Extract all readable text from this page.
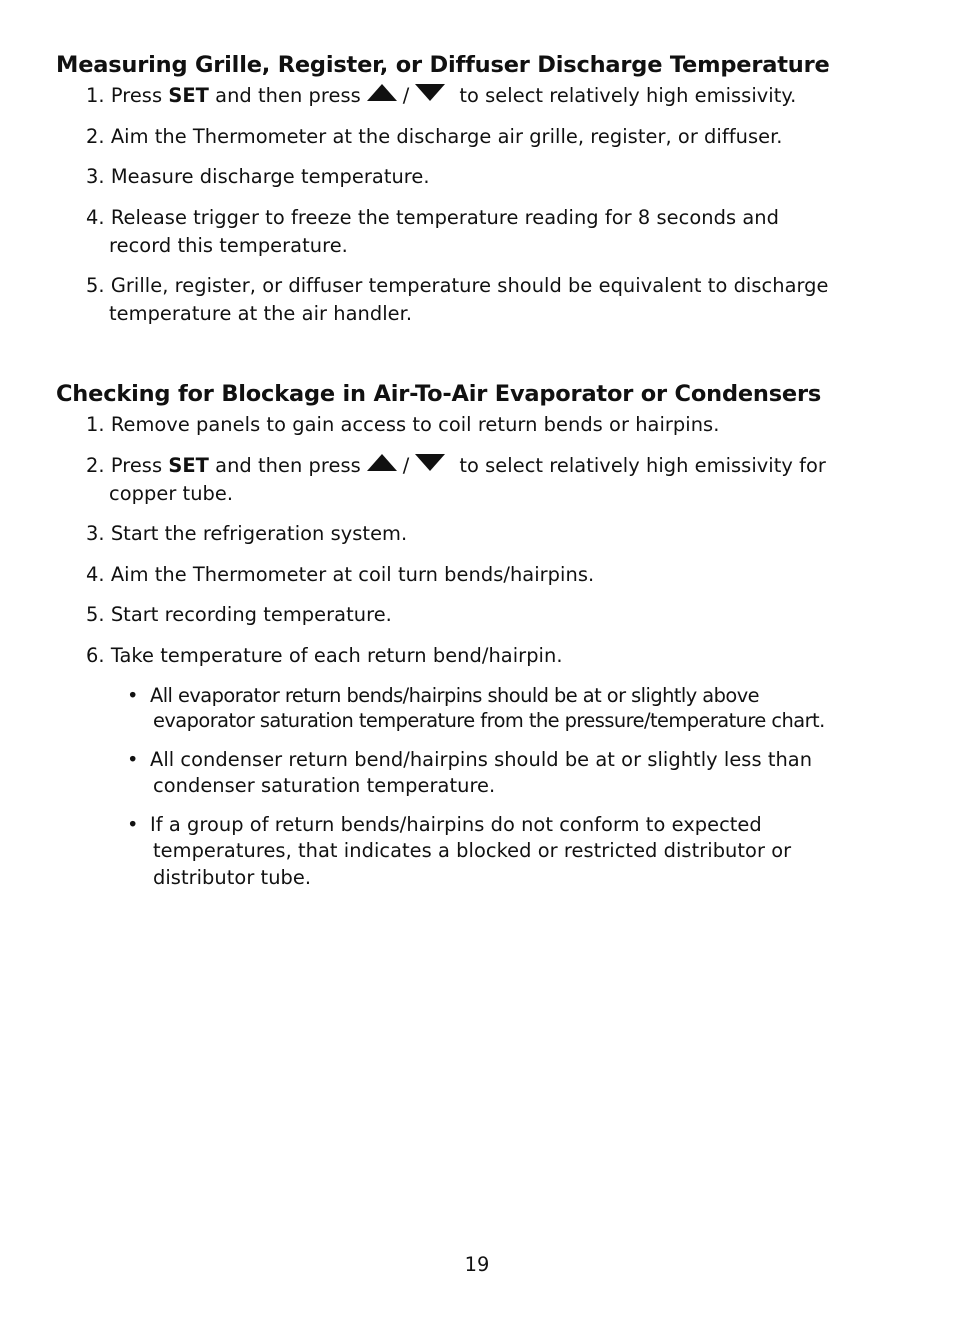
Measuring Grille, Register, or Diffuser Discharge Temperature
1. Press SET and then press /	to select relatively high emissivity.
2. Aim the Thermometer at the discharge air grille, register, or diffuser.
3. Measure discharge temperature.
4. Release trigger to freeze the temperature reading for 8 seconds and
record this temperature.
5. Grille, register, or diffuser temperature should be equivalent to discharge
temperature at the air handler.
Checking for Blockage in Air-To-Air Evaporator or Condensers
1. Remove panels to gain access to coil return bends or hairpins.
2. Press SET and then press /	to select relatively high emissivity for
copper tube.
3. Start the refrigeration system.
4. Aim the Thermometer at coil turn bends/hairpins.
5. Start recording temperature.
6. Take temperature of each return bend/hairpin.
• All evaporator return bends/hairpins should be at or slightly above
evaporator saturation temperature from the pressure/temperature chart.
• All condenser return bend/hairpins should be at or slightly less than
condenser saturation temperature.
• If a group of return bends/hairpins do not conform to expected
temperatures, that indicates a blocked or restricted distributor or
distributor tube.
19
